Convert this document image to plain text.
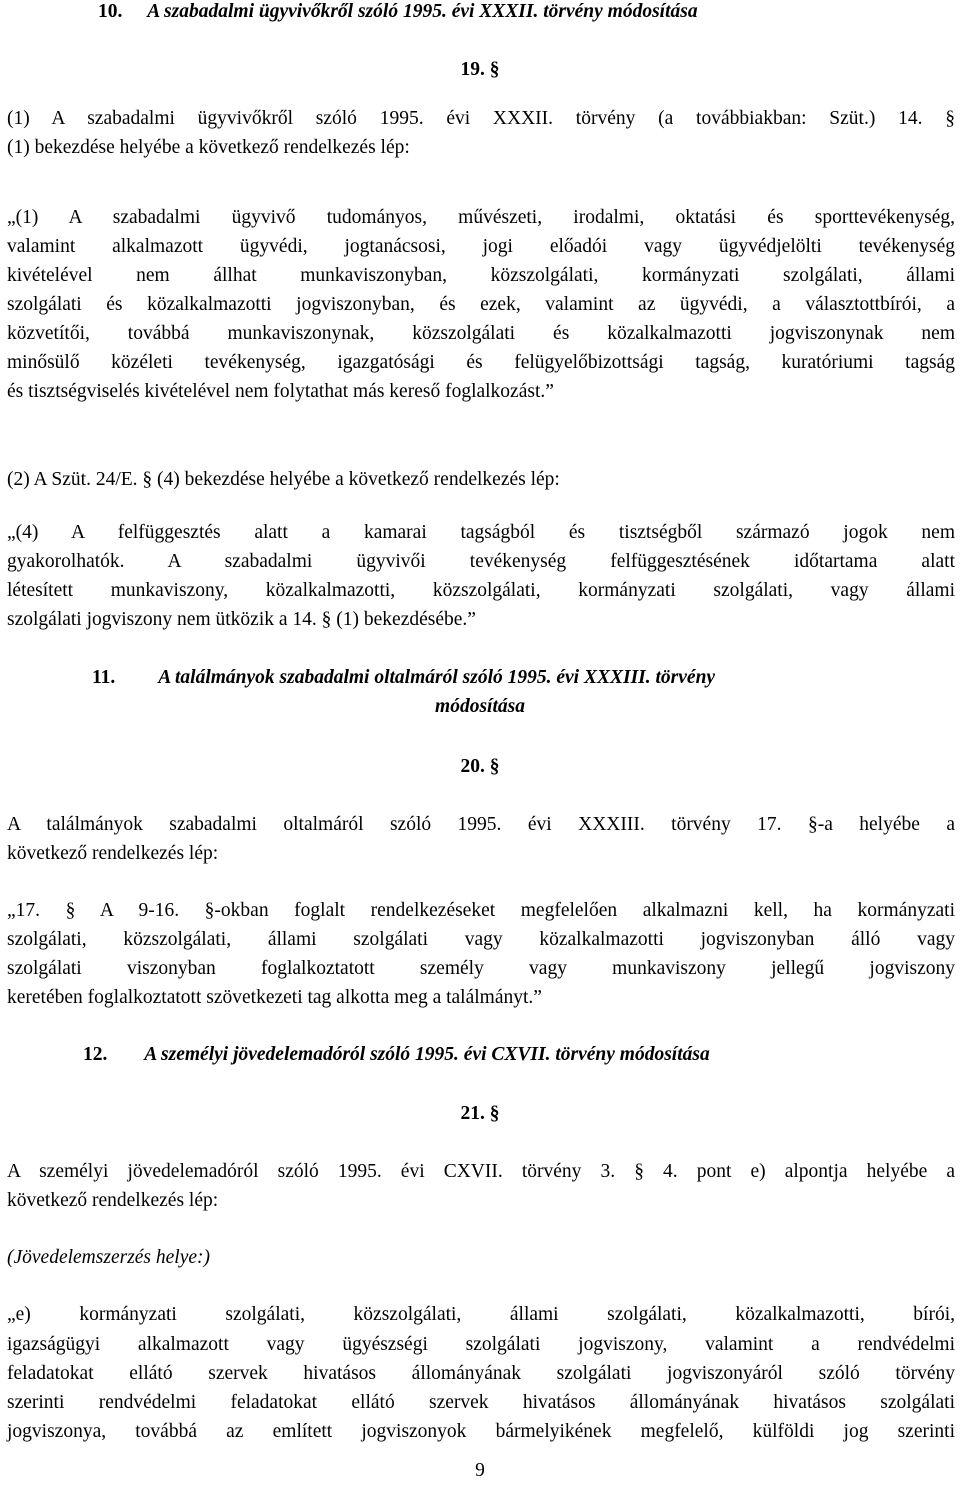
10. A szabadalmi ügyvivőkről szóló 1995. évi XXXII. törvény módosítása
19. §
(1) A szabadalmi ügyvivőkről szóló 1995. évi XXXII. törvény (a továbbiakban: Szüt.) 14. §
(1) bekezdése helyébe a következő rendelkezés lép:
„(1) A szabadalmi ügyvivő tudományos, művészeti, irodalmi, oktatási és sporttevékenység,
valamint alkalmazott ügyvédi, jogtanácsosi, jogi előadói vagy ügyvédjelölti tevékenység
kivételével nem állhat munkaviszonyban, közszolgálati, kormányzati szolgálati, állami
szolgálati és közalkalmazotti jogviszonyban, és ezek, valamint az ügyvédi, a választottbírói, a
közvetítői, továbbá munkaviszonynak, közszolgálati és közalkalmazotti jogviszonynak nem
minősülő közéleti tevékenység, igazgatósági és felügyelőbizottsági tagság, kuratóriumi tagság
és tisztségviselés kivételével nem folytathat más kereső foglalkozást.”
(2) A Szüt. 24/E. § (4) bekezdése helyébe a következő rendelkezés lép:
„(4) A felfüggesztés alatt a kamarai tagságból és tisztségből származó jogok nem
gyakorolhatók. A szabadalmi ügyvivői tevékenység felfüggesztésének időtartama alatt
létesített munkaviszony, közalkalmazotti, közszolgálati, kormányzati szolgálati, vagy állami
szolgálati jogviszony nem ütközik a 14. § (1) bekezdésébe.”
11. A találmányok szabadalmi oltalmáról szóló 1995. évi XXXIII. törvény
módosítása
20. §
A találmányok szabadalmi oltalmáról szóló 1995. évi XXXIII. törvény 17. §-a helyébe a
következő rendelkezés lép:
„17. § A 9-16. §-okban foglalt rendelkezéseket megfelelően alkalmazni kell, ha kormányzati
szolgálati, közszolgálati, állami szolgálati vagy közalkalmazotti jogviszonyban álló vagy
szolgálati viszonyban foglalkoztatott személy vagy munkaviszony jellegű jogviszony
keretében foglalkoztatott szövetkezeti tag alkotta meg a találmányt.”
12. A személyi jövedelemadóról szóló 1995. évi CXVII. törvény módosítása
21. §
A személyi jövedelemadóról szóló 1995. évi CXVII. törvény 3. § 4. pont e) alpontja helyébe a
következő rendelkezés lép:
(Jövedelemszerzés helye:)
„e) kormányzati szolgálati, közszolgálati, állami szolgálati, közalkalmazotti, bírói,
igazságügyi alkalmazott vagy ügyészségi szolgálati jogviszony, valamint a rendvédelmi
feladatokat ellátó szervek hivatásos állományának szolgálati jogviszonyáról szóló törvény
szerinti rendvédelmi feladatokat ellátó szervek hivatásos állományának hivatásos szolgálati
jogviszonya, továbbá az említett jogviszonyok bármelyikének megfelelő, külföldi jog szerinti
9
